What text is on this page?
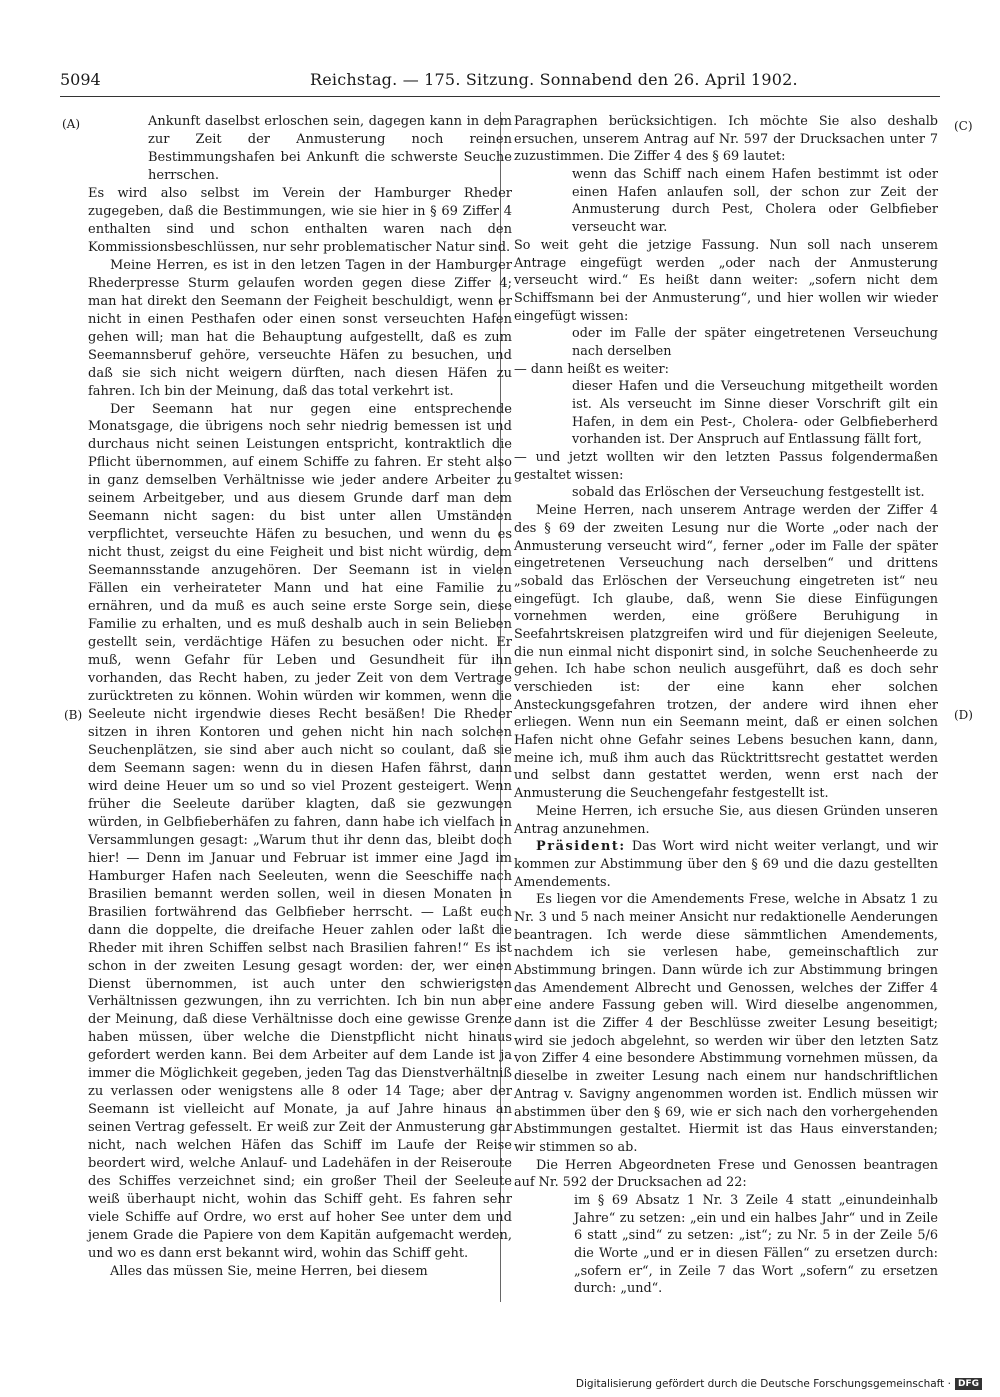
5094	Reichstag. — 175. Sitzung. Sonnabend den 26. April 1902.
(A)
(B)
(C)
(D)

Ankunft daselbst erloschen sein, dagegen kann in dem zur Zeit der Anmusterung noch reinen Bestimmungshafen bei Ankunft die schwerste Seuche herrschen.

Es wird also selbst im Verein der Hamburger Rheder zugegeben, daß die Bestimmungen, wie sie hier in § 69 Ziffer 4 enthalten sind und schon enthalten waren nach den Kommissionsbeschlüssen, nur sehr problematischer Natur sind.

Meine Herren, es ist in den letzen Tagen in der Hamburger Rhederpresse Sturm gelaufen worden gegen diese Ziffer 4; man hat direkt den Seemann der Feigheit beschuldigt, wenn er nicht in einen Pesthafen oder einen sonst verseuchten Hafen gehen will; man hat die Behauptung aufgestellt, daß es zum Seemannsberuf gehöre, verseuchte Häfen zu besuchen, und daß sie sich nicht weigern dürften, nach diesen Häfen zu fahren. Ich bin der Meinung, daß das total verkehrt ist.

Der Seemann hat nur gegen eine entsprechende Monatsgage, die übrigens noch sehr niedrig bemessen ist und durchaus nicht seinen Leistungen entspricht, kontraktlich die Pflicht übernommen, auf einem Schiffe zu fahren. Er steht also in ganz demselben Verhältnisse wie jeder andere Arbeiter zu seinem Arbeitgeber, und aus diesem Grunde darf man dem Seemann nicht sagen: du bist unter allen Umständen verpflichtet, verseuchte Häfen zu besuchen, und wenn du es nicht thust, zeigst du eine Feigheit und bist nicht würdig, dem Seemannsstande anzugehören. Der Seemann ist in vielen Fällen ein verheirateter Mann und hat eine Familie zu ernähren, und da muß es auch seine erste Sorge sein, diese Familie zu erhalten, und es muß deshalb auch in sein Belieben gestellt sein, verdächtige Häfen zu besuchen oder nicht. Er muß, wenn Gefahr für Leben und Gesundheit für ihn vorhanden, das Recht haben, zu jeder Zeit von dem Vertrage zurücktreten zu können. Wohin würden wir kommen, wenn die Seeleute nicht irgendwie dieses Recht besäßen! Die Rheder sitzen in ihren Kontoren und gehen nicht hin nach solchen Seuchenplätzen, sie sind aber auch nicht so coulant, daß sie dem Seemann sagen: wenn du in diesen Hafen fährst, dann wird deine Heuer um so und so viel Prozent gesteigert. Wenn früher die Seeleute darüber klagten, daß sie gezwungen würden, in Gelbfieberhäfen zu fahren, dann habe ich vielfach in Versammlungen gesagt: „Warum thut ihr denn das, bleibt doch hier! — Denn im Januar und Februar ist immer eine Jagd im Hamburger Hafen nach Seeleuten, wenn die Seeschiffe nach Brasilien bemannt werden sollen, weil in diesen Monaten in Brasilien fortwährend das Gelbfieber herrscht. — Laßt euch dann die doppelte, die dreifache Heuer zahlen oder laßt die Rheder mit ihren Schiffen selbst nach Brasilien fahren!“ Es ist schon in der zweiten Lesung gesagt worden: der, wer einen Dienst übernommen, ist auch unter den schwierigsten Verhältnissen gezwungen, ihn zu verrichten. Ich bin nun aber der Meinung, daß diese Verhältnisse doch eine gewisse Grenze haben müssen, über welche die Dienstpflicht nicht hinaus gefordert werden kann. Bei dem Arbeiter auf dem Lande ist ja immer die Möglichkeit gegeben, jeden Tag das Dienstverhältniß zu verlassen oder wenigstens alle 8 oder 14 Tage; aber der Seemann ist vielleicht auf Monate, ja auf Jahre hinaus an seinen Vertrag gefesselt. Er weiß zur Zeit der Anmusterung gar nicht, nach welchen Häfen das Schiff im Laufe der Reise beordert wird, welche Anlauf- und Ladehäfen in der Reiseroute des Schiffes verzeichnet sind; ein großer Theil der Seeleute weiß überhaupt nicht, wohin das Schiff geht. Es fahren sehr viele Schiffe auf Ordre, wo erst auf hoher See unter dem und jenem Grade die Papiere von dem Kapitän aufgemacht werden, und wo es dann erst bekannt wird, wohin das Schiff geht.

Alles das müssen Sie, meine Herren, bei diesem

Paragraphen berücksichtigen. Ich möchte Sie also deshalb ersuchen, unserem Antrag auf Nr. 597 der Drucksachen unter 7 zuzustimmen. Die Ziffer 4 des § 69 lautet:

wenn das Schiff nach einem Hafen bestimmt ist oder einen Hafen anlaufen soll, der schon zur Zeit der Anmusterung durch Pest, Cholera oder Gelbfieber verseucht war.

So weit geht die jetzige Fassung. Nun soll nach unserem Antrage eingefügt werden „oder nach der Anmusterung verseucht wird.“ Es heißt dann weiter: „sofern nicht dem Schiffsmann bei der Anmusterung“, und hier wollen wir wieder eingefügt wissen:

oder im Falle der später eingetretenen Verseuchung nach derselben

— dann heißt es weiter:

dieser Hafen und die Verseuchung mitgetheilt worden ist. Als verseucht im Sinne dieser Vorschrift gilt ein Hafen, in dem ein Pest-, Cholera- oder Gelbfieberherd vorhanden ist. Der Anspruch auf Entlassung fällt fort,

— und jetzt wollten wir den letzten Passus folgendermaßen gestaltet wissen:

sobald das Erlöschen der Verseuchung festgestellt ist.

Meine Herren, nach unserem Antrage werden der Ziffer 4 des § 69 der zweiten Lesung nur die Worte „oder nach der Anmusterung verseucht wird“, ferner „oder im Falle der später eingetretenen Verseuchung nach derselben“ und drittens „sobald das Erlöschen der Verseuchung eingetreten ist“ neu eingefügt. Ich glaube, daß, wenn Sie diese Einfügungen vornehmen werden, eine größere Beruhigung in Seefahrtskreisen platzgreifen wird und für diejenigen Seeleute, die nun einmal nicht disponirt sind, in solche Seuchenheerde zu gehen. Ich habe schon neulich ausgeführt, daß es doch sehr verschieden ist: der eine kann eher solchen Ansteckungsgefahren trotzen, der andere wird ihnen eher erliegen. Wenn nun ein Seemann meint, daß er einen solchen Hafen nicht ohne Gefahr seines Lebens besuchen kann, dann, meine ich, muß ihm auch das Rücktrittsrecht gestattet werden und selbst dann gestattet werden, wenn erst nach der Anmusterung die Seuchengefahr festgestellt ist.

Meine Herren, ich ersuche Sie, aus diesen Gründen unseren Antrag anzunehmen.

Präsident: Das Wort wird nicht weiter verlangt, und wir kommen zur Abstimmung über den § 69 und die dazu gestellten Amendements.

Es liegen vor die Amendements Frese, welche in Absatz 1 zu Nr. 3 und 5 nach meiner Ansicht nur redaktionelle Aenderungen beantragen. Ich werde diese sämmtlichen Amendements, nachdem ich sie verlesen habe, gemeinschaftlich zur Abstimmung bringen. Dann würde ich zur Abstimmung bringen das Amendement Albrecht und Genossen, welches der Ziffer 4 eine andere Fassung geben will. Wird dieselbe angenommen, dann ist die Ziffer 4 der Beschlüsse zweiter Lesung beseitigt; wird sie jedoch abgelehnt, so werden wir über den letzten Satz von Ziffer 4 eine besondere Abstimmung vornehmen müssen, da dieselbe in zweiter Lesung nach einem nur handschriftlichen Antrag v. Savigny angenommen worden ist. Endlich müssen wir abstimmen über den § 69, wie er sich nach den vorhergehenden Abstimmungen gestaltet. Hiermit ist das Haus einverstanden; wir stimmen so ab.

Die Herren Abgeordneten Frese und Genossen beantragen auf Nr. 592 der Drucksachen ad 22:

im § 69 Absatz 1 Nr. 3 Zeile 4 statt „einundeinhalb Jahre“ zu setzen: „ein und ein halbes Jahr“ und in Zeile 6 statt „sind“ zu setzen: „ist“; zu Nr. 5 in der Zeile 5/6 die Worte „und er in diesen Fällen“ zu ersetzen durch: „sofern er“, in Zeile 7 das Wort „sofern“ zu ersetzen durch: „und“.

Digitalisierung gefördert durch die Deutsche Forschungsgemeinschaft · DFG
